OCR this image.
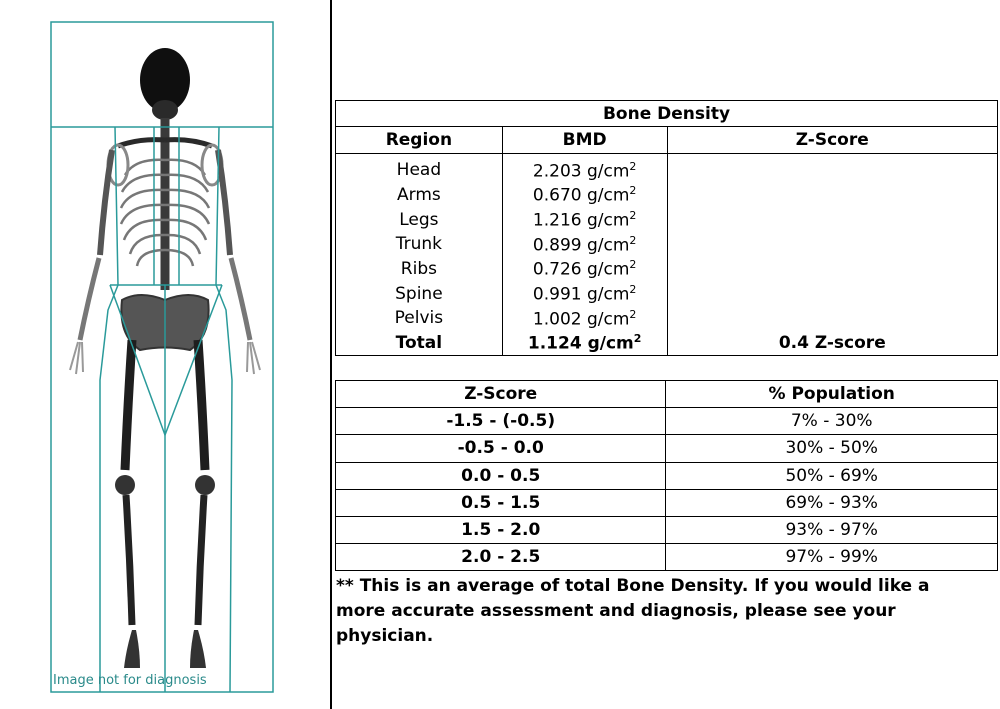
Image not for diagnosis
Bone Density		
Region	BMD	Z-Score
Head	2.203 $g/cm^2$	
Arms	0.670 $g/cm^2$	
Legs	1.216 $g/cm^2$	
Trunk	0.899 $g/cm^2$	
Ribs	0.726 $g/cm^2$	
Spine	0.991 $g/cm^2$	
Pelvis	1.002 $g/cm^2$	
Total	1.124 $g/cm^2$	0.4 Z-score
Z-Score	% Population
-1.5 - (-0.5)	7% - 30%
-0.5 - 0.0	30% - 50%
0.0 - 0.5	50% - 69%
0.5 - 1.5	69% - 93%
1.5 - 2.0	93% - 97%
2.0 - 2.5	97% - 99%
** This is an average of total Bone Density. If you would like a more accurate assessment and diagnosis, please see your physician.
